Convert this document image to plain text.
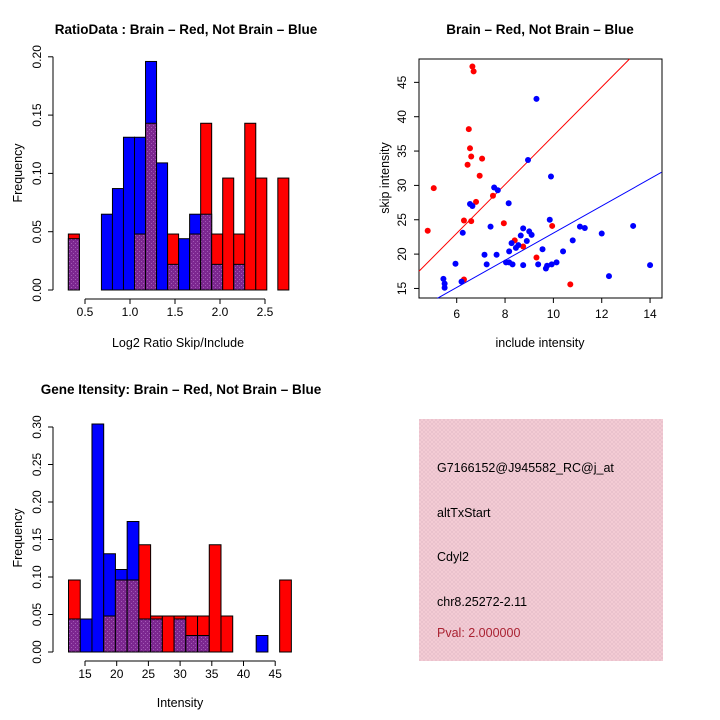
0.00
0.05
0.10
0.15
0.20
0.5 1.0 1.5 2.0 2.5
RatioData : Brain – Red, Not Brain – Blue
Log2 Ratio Skip/Include
Frequency
6	8	10	12	14
15
20
25
30
35
40
45
Brain – Red, Not Brain – Blue
include intensity
skip intensity
0.00
0.05
0.10
0.15
0.20
0.25
0.30
15 20 25 30 35 40 45
Gene Itensity: Brain – Red, Not Brain – Blue
Intensity
Frequency
G7166152@J945582_RC@j_at
altTxStart
Cdyl2
chr8.25272-2.11
Pval: 2.000000
